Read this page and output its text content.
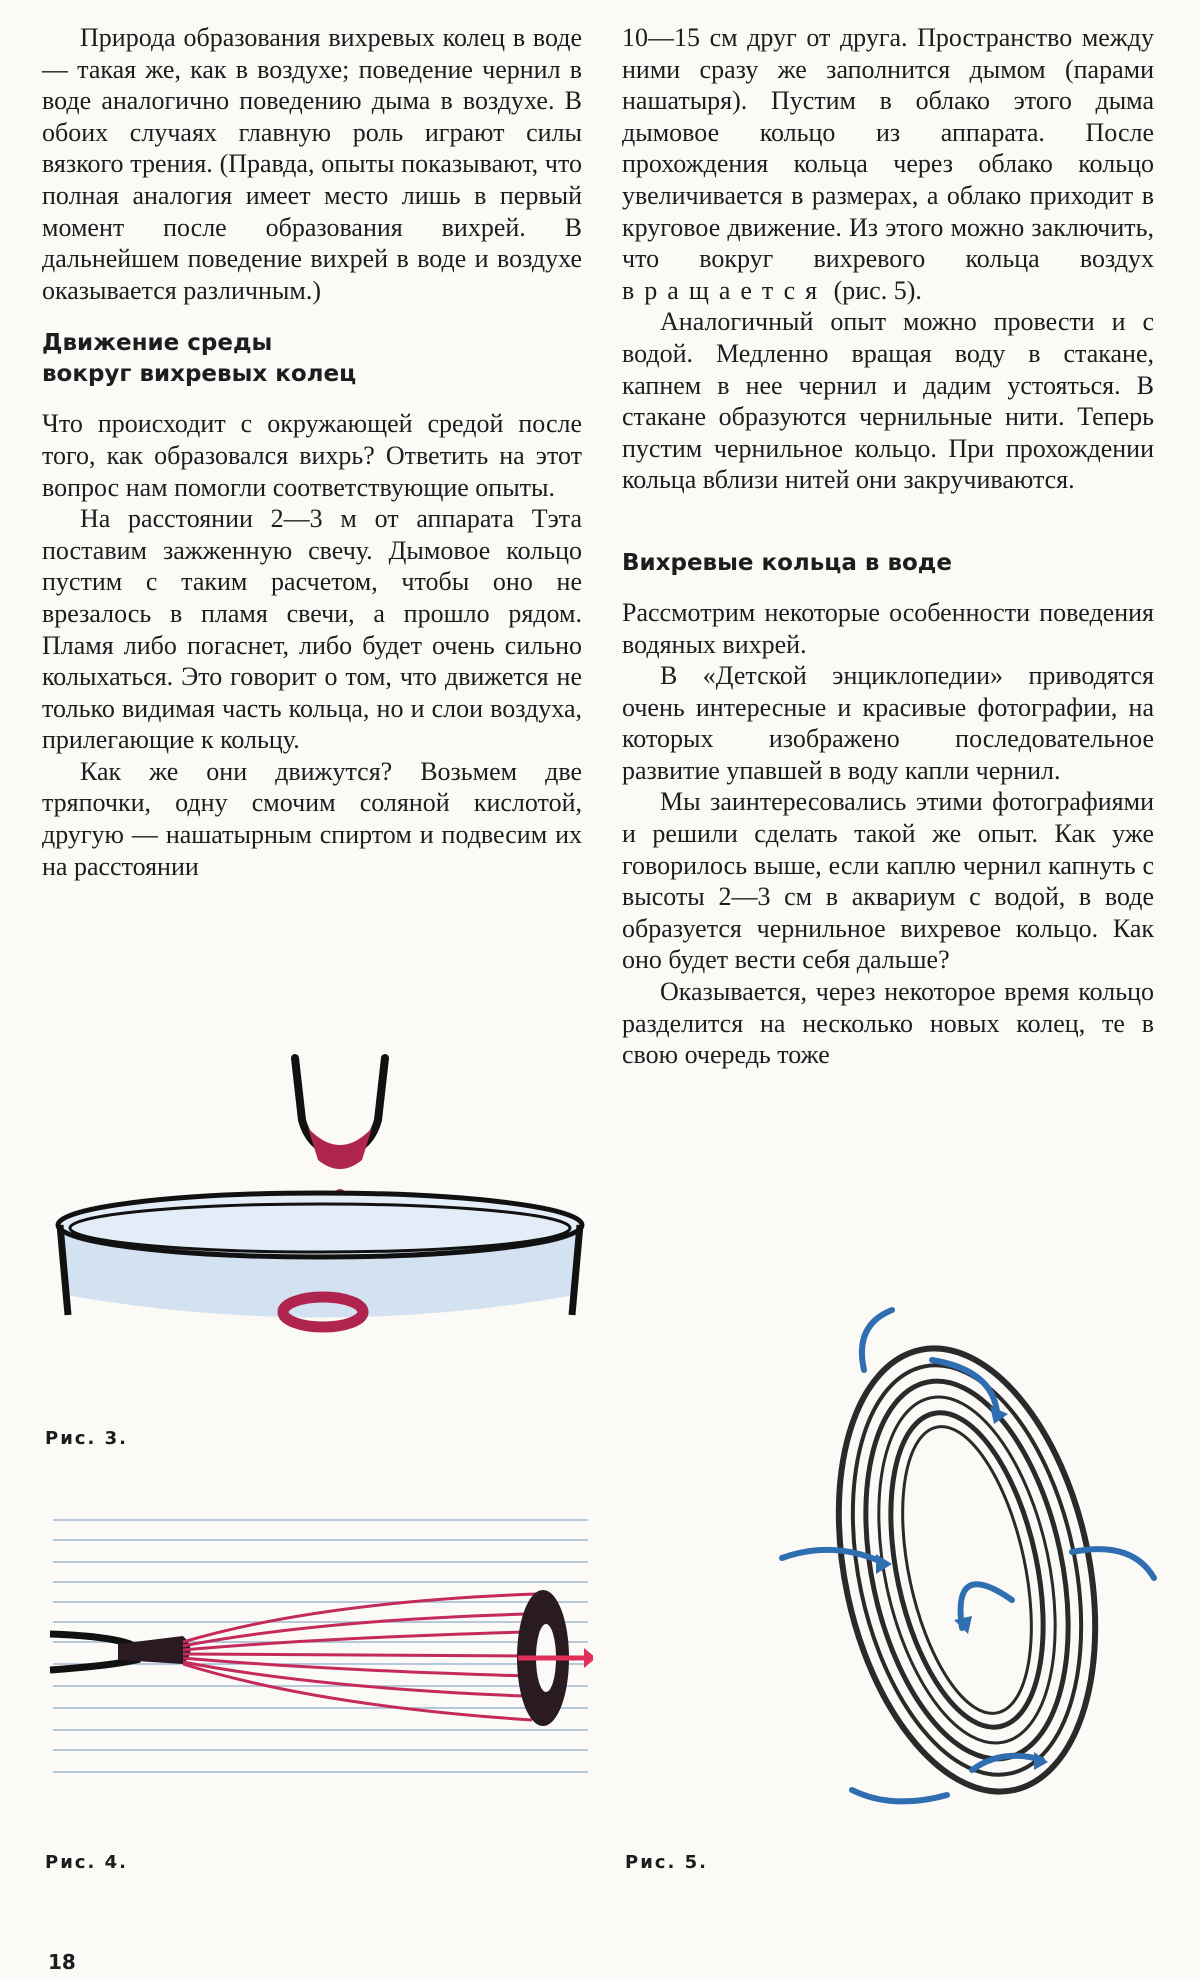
Природа образования вихревых колец в воде — такая же, как в воздухе; поведение чернил в воде аналогично поведению дыма в воздухе. В обоих случаях главную роль играют силы вязкого трения. (Правда, опыты показывают, что полная аналогия имеет место лишь в первый момент после образования вихрей. В дальнейшем поведение вихрей в воде и воздухе оказывается различным.)

Движение среды

вокруг вихревых колец

Что происходит с окружающей средой после того, как образовался вихрь? Ответить на этот вопрос нам помогли соответствующие опыты.

На расстоянии 2—3 м от аппарата Тэта поставим зажженную свечу. Дымовое кольцо пустим с таким расчетом, чтобы оно не врезалось в пламя свечи, а прошло рядом. Пламя либо погаснет, либо будет очень сильно колыхаться. Это говорит о том, что движется не только видимая часть кольца, но и слои воздуха, прилегающие к кольцу.

Как же они движутся? Возьмем две тряпочки, одну смочим соляной кислотой, другую — нашатырным спиртом и подвесим их на расстоянии

10—15 см друг от друга. Пространство между ними сразу же заполнится дымом (парами нашатыря). Пустим в облако этого дыма дымовое кольцо из аппарата. После прохождения кольца через облако кольцо увеличивается в размерах, а облако приходит в круговое движение. Из этого можно заключить, что вокруг вихревого кольца воздух вращается (рис. 5).

Аналогичный опыт можно провести и с водой. Медленно вращая воду в стакане, капнем в нее чернил и дадим устояться. В стакане образуются чернильные нити. Теперь пустим чернильное кольцо. При прохождении кольца вблизи нитей они закручиваются.

Вихревые кольца в воде

Рассмотрим некоторые особенности поведения водяных вихрей.

В «Детской энциклопедии» приводятся очень интересные и красивые фотографии, на которых изображено последовательное развитие упавшей в воду капли чернил.

Мы заинтересовались этими фотографиями и решили сделать такой же опыт. Как уже говорилось выше, если каплю чернил капнуть с высоты 2—3 см в аквариум с водой, в воде образуется чернильное вихревое кольцо. Как оно будет вести себя дальше?

Оказывается, через некоторое время кольцо разделится на несколько новых колец, те в свою очередь тоже

Рис. 3.
Рис. 4.	Рис. 5.
18
